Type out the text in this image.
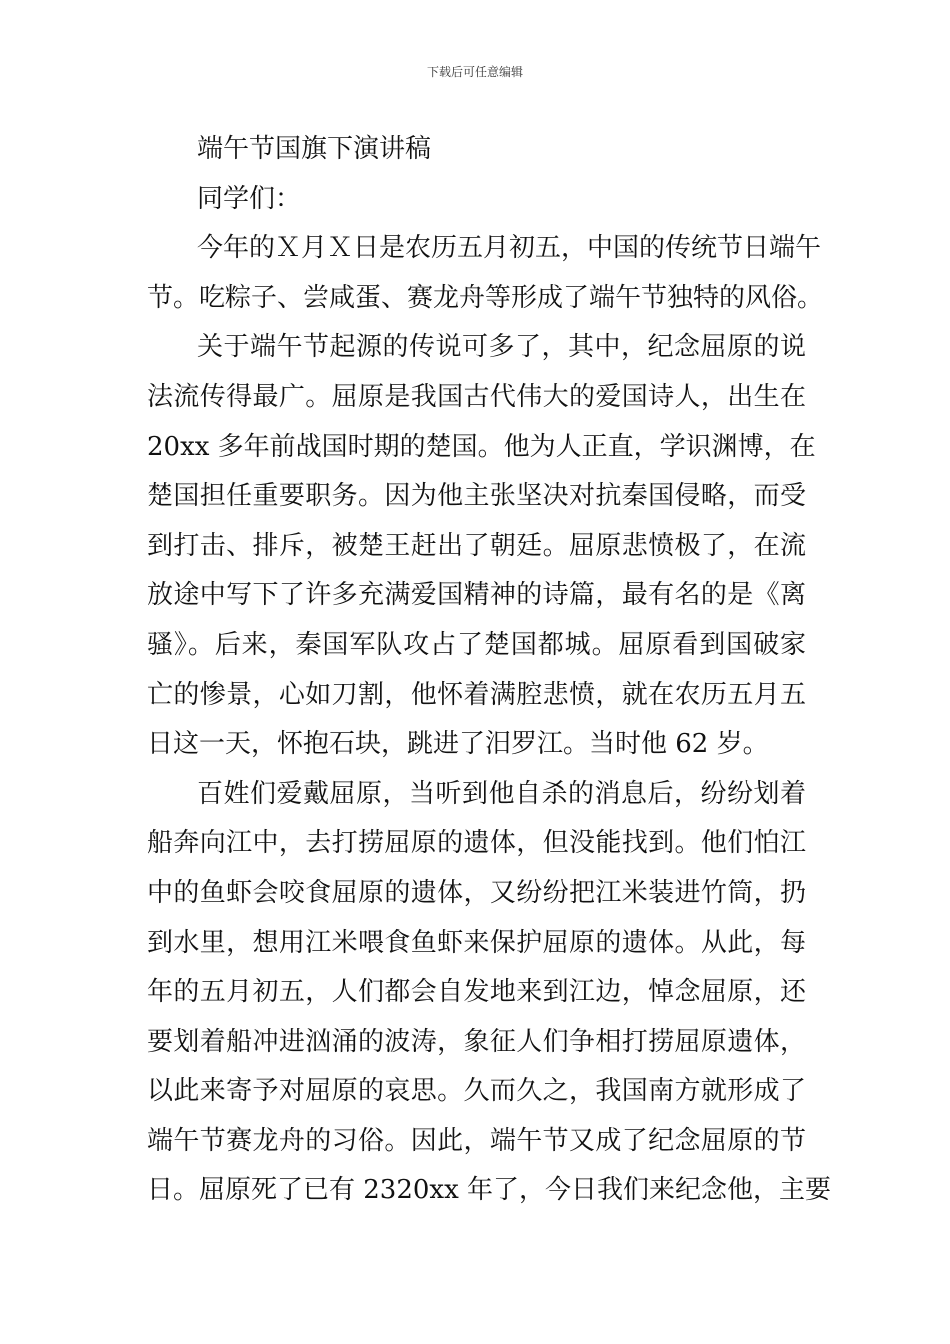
下载后可任意编辑
端午节国旗下演讲稿
同学们：
今年的Ｘ月Ｘ日是农历五月初五，中国的传统节日端午
节。吃粽子、尝咸蛋、赛龙舟等形成了端午节独特的风俗。
关于端午节起源的传说可多了，其中，纪念屈原的说
法流传得最广。屈原是我国古代伟大的爱国诗人，出生在
20xx 多年前战国时期的楚国。他为人正直，学识渊博，在
楚国担任重要职务。因为他主张坚决对抗秦国侵略，而受
到打击、排斥，被楚王赶出了朝廷。屈原悲愤极了，在流
放途中写下了许多充满爱国精神的诗篇，最有名的是《离
骚》。后来，秦国军队攻占了楚国都城。屈原看到国破家
亡的惨景，心如刀割，他怀着满腔悲愤，就在农历五月五
日这一天，怀抱石块，跳进了汨罗江。当时他 62 岁。
百姓们爱戴屈原，当听到他自杀的消息后，纷纷划着
船奔向江中，去打捞屈原的遗体，但没能找到。他们怕江
中的鱼虾会咬食屈原的遗体，又纷纷把江米装进竹筒，扔
到水里，想用江米喂食鱼虾来保护屈原的遗体。从此，每
年的五月初五，人们都会自发地来到江边，悼念屈原，还
要划着船冲进汹涌的波涛，象征人们争相打捞屈原遗体，
以此来寄予对屈原的哀思。久而久之，我国南方就形成了
端午节赛龙舟的习俗。因此，端午节又成了纪念屈原的节
日。屈原死了已有 2320xx 年了，今日我们来纪念他，主要
